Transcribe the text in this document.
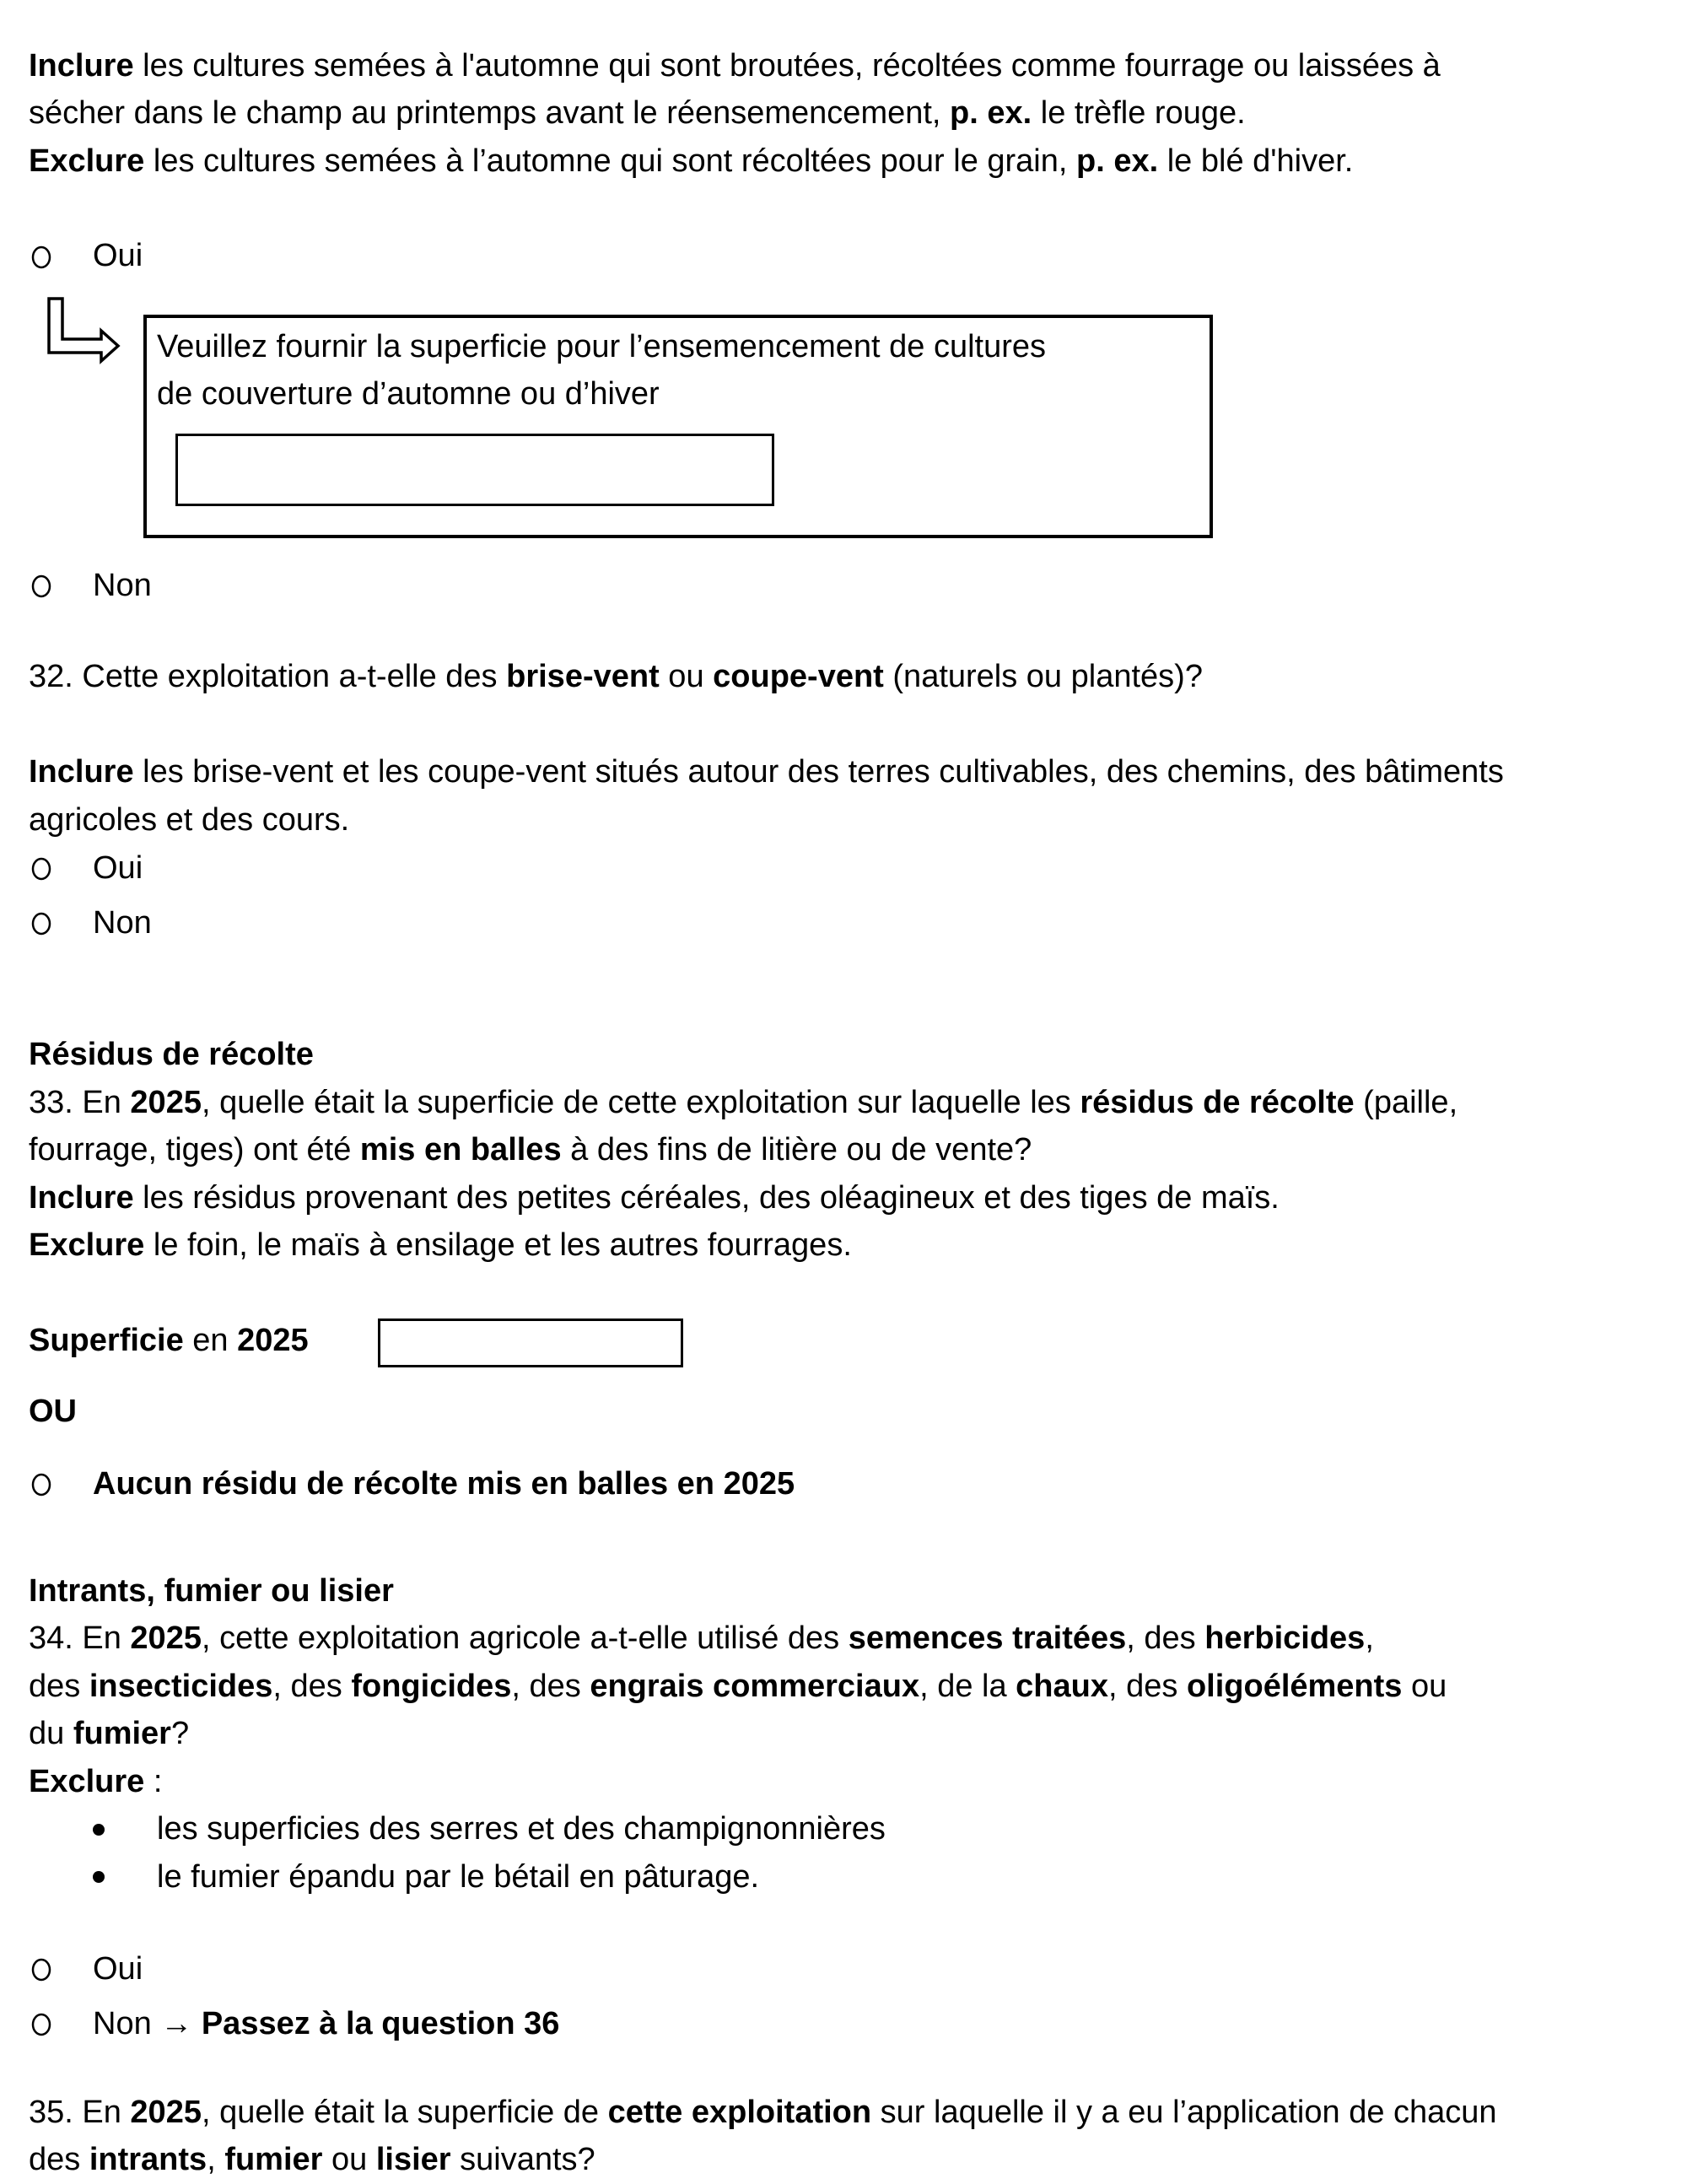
Inclure les cultures semées à l'automne qui sont broutées, récoltées comme fourrage ou laissées à
sécher dans le champ au printemps avant le réensemencement, p. ex. le trèfle rouge.
Exclure les cultures semées à l’automne qui sont récoltées pour le grain, p. ex. le blé d'hiver.
Oui
Veuillez fournir la superficie pour l’ensemencement de cultures
de couverture d’automne ou d’hiver
Non
32. Cette exploitation a-t-elle des brise-vent ou coupe-vent (naturels ou plantés)?
Inclure les brise-vent et les coupe-vent situés autour des terres cultivables, des chemins, des bâtiments
agricoles et des cours.
Oui
Non
Résidus de récolte
33. En 2025, quelle était la superficie de cette exploitation sur laquelle les résidus de récolte (paille,
fourrage, tiges) ont été mis en balles à des fins de litière ou de vente?
Inclure les résidus provenant des petites céréales, des oléagineux et des tiges de maïs.
Exclure le foin, le maïs à ensilage et les autres fourrages.
Superficie en 2025
OU
Aucun résidu de récolte mis en balles en 2025
Intrants, fumier ou lisier
34. En 2025, cette exploitation agricole a-t-elle utilisé des semences traitées, des herbicides,
des insecticides, des fongicides, des engrais commerciaux, de la chaux, des oligoéléments ou
du fumier?
Exclure :
les superficies des serres et des champignonnières
le fumier épandu par le bétail en pâturage.
Oui
Non → Passez à la question 36
35. En 2025, quelle était la superficie de cette exploitation sur laquelle il y a eu l’application de chacun
des intrants, fumier ou lisier suivants?
